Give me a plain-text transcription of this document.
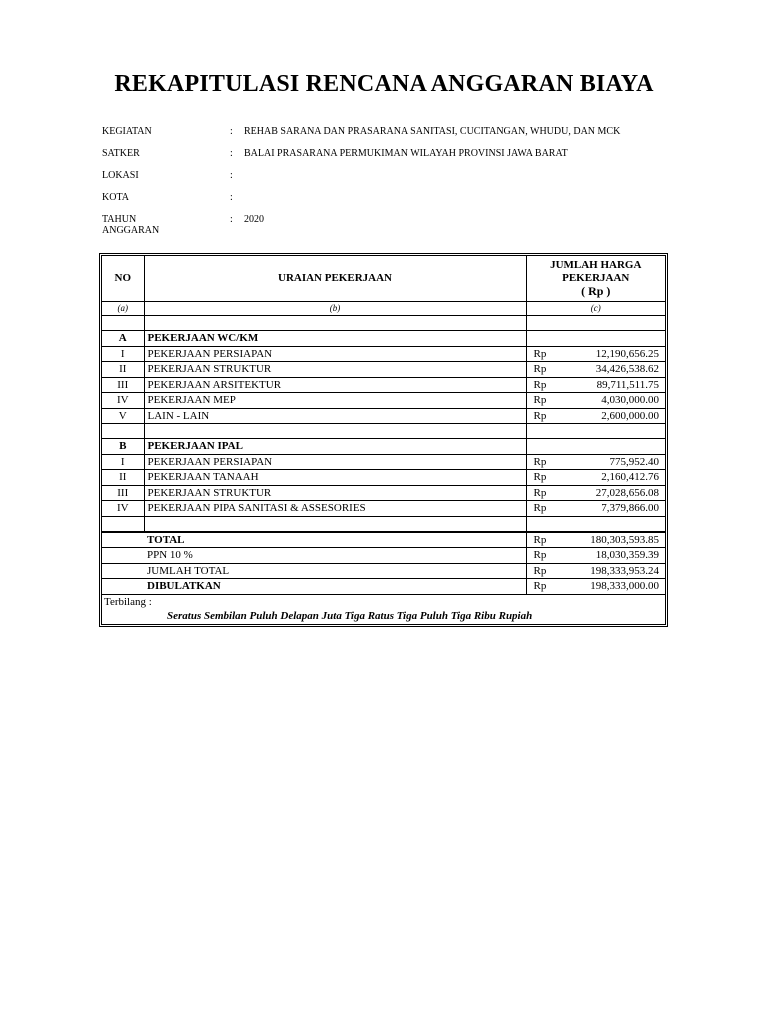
REKAPITULASI RENCANA ANGGARAN BIAYA
KEGIATAN	: REHAB SARANA DAN PRASARANA SANITASI, CUCITANGAN, WHUDU, DAN MCK
SATKER	: BALAI PRASARANA PERMUKIMAN WILAYAH PROVINSI JAWA BARAT
LOKASI	:
KOTA	:
TAHUN ANGGARAN
: 2020
NO	URAIAN PEKERJAAN	JUMLAH HARGA
PEKERJAAN
( Rp )

(a)	(b)	(c)

A	PEKERJAAN WC/KM	
I	PEKERJAAN PERSIAPAN	Rp 12,190,656.25

II	PEKERJAAN STRUKTUR	Rp 34,426,538.62

III	PEKERJAAN ARSITEKTUR	Rp 89,711,511.75

IV	PEKERJAAN MEP	Rp 4,030,000.00

V	LAIN - LAIN	Rp 2,600,000.00

B	PEKERJAAN IPAL	
I	PEKERJAAN PERSIAPAN	Rp 775,952.40

II	PEKERJAAN TANAAH	Rp 2,160,412.76

III	PEKERJAAN STRUKTUR	Rp 27,028,656.08

IV	PEKERJAAN PIPA SANITASI & ASSESORIES	Rp 7,379,866.00

	TOTAL	Rp 180,303,593.85

	PPN 10 %	Rp 18,030,359.39

	JUMLAH TOTAL	Rp 198,333,953.24

	DIBULATKAN	Rp 198,333,000.00

Terbilang :		
Seratus Sembilan Puluh Delapan Juta Tiga Ratus Tiga Puluh Tiga Ribu Rupiah		
